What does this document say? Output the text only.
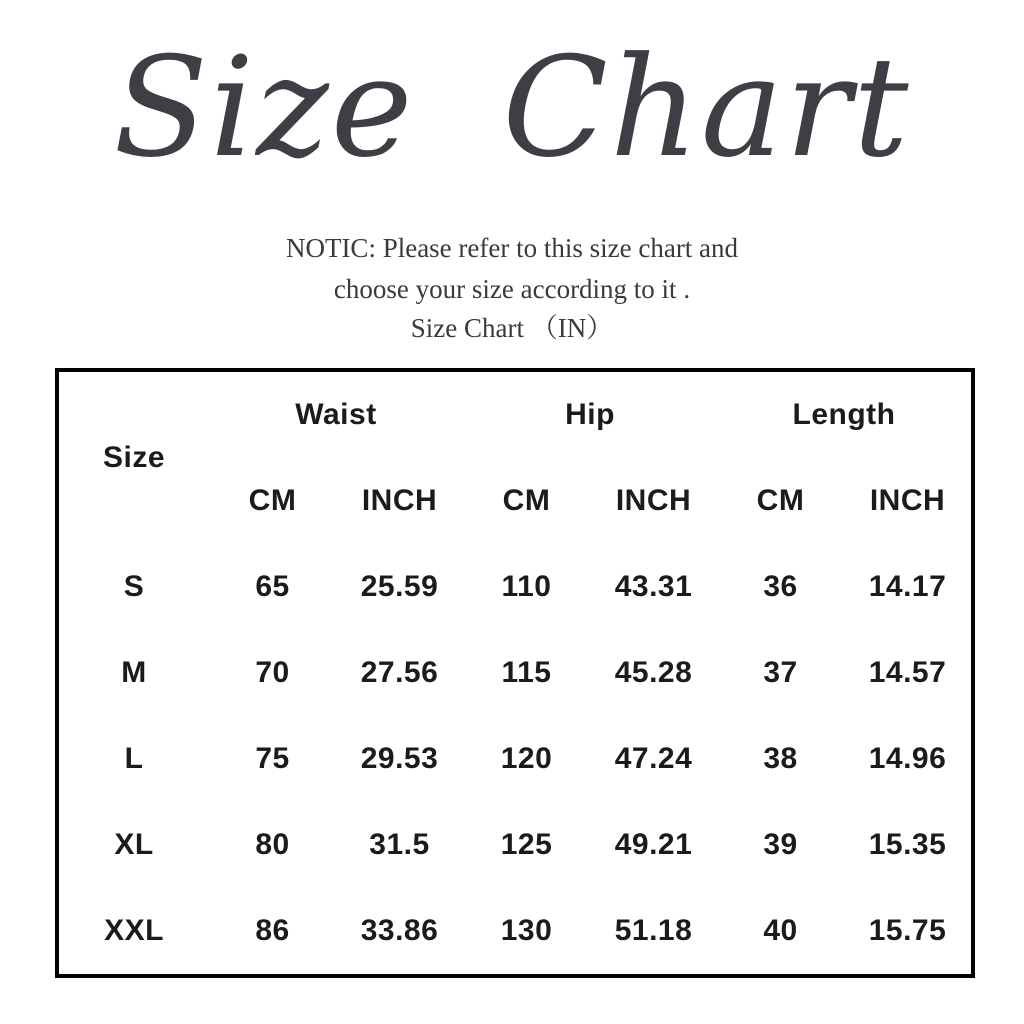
Size Chart
NOTIC: Please refer to this size chart and
choose your size according to it .
Size Chart （IN）
Size
Waist	Hip	Length
CM	INCH	CM	INCH	CM	INCH
S	65	25.59	110	43.31	36	14.17
M	70	27.56	115	45.28	37	14.57
L	75	29.53	120	47.24	38	14.96
XL	80	31.5	125	49.21	39	15.35
XXL	86	33.86	130	51.18	40	15.75
